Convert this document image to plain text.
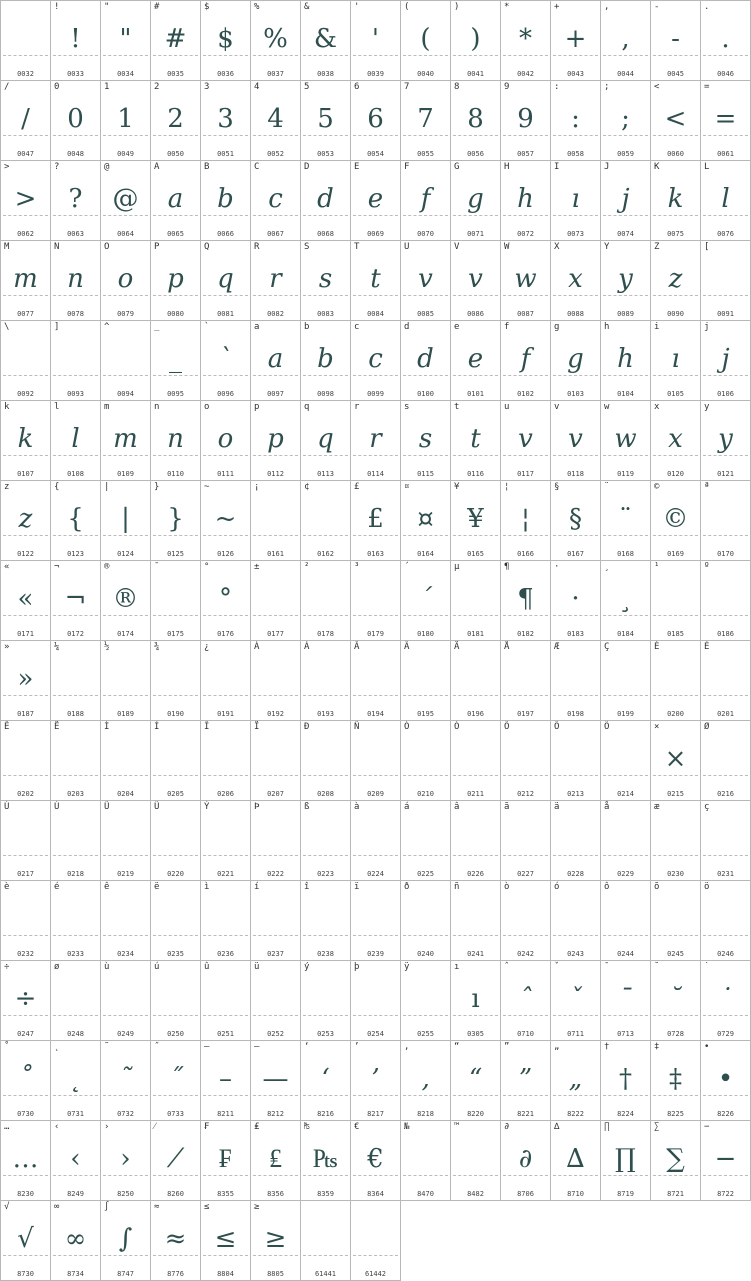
0032
!
!
0033
"
"
0034
#
#
0035
$
$
0036
%
%
0037
&
&
0038
'
'
0039
(
(
0040
)
)
0041
*
*
0042
+
+
0043
,
,
0044
-
-
0045
.
.
0046
/
/
0047
0
0
0048
1
1
0049
2
2
0050
3
3
0051
4
4
0052
5
5
0053
6
6
0054
7
7
0055
8
8
0056
9
9
0057
:
:
0058
;
;
0059
<
<
0060
=
=
0061
>
>
0062
?
?
0063
@
@
0064
A
a
0065
B
b
0066
C
c
0067
D
d
0068
E
e
0069
F
f
0070
G
g
0071
H
h
0072
I
ı
0073
J
j
0074
K
k
0075
L
l
0076
M
m
0077
N
n
0078
O
o
0079
P
p
0080
Q
q
0081
R
r
0082
S
s
0083
T
t
0084
U
v
0085
V
v
0086
W
w
0087
X
x
0088
Y
y
0089
Z
z
0090
[
0091
\
0092
]
0093
^
0094
_
_
0095
`
`
0096
a
a
0097
b
b
0098
c
c
0099
d
d
0100
e
e
0101
f
f
0102
g
g
0103
h
h
0104
i
ı
0105
j
j
0106
k
k
0107
l
l
0108
m
m
0109
n
n
0110
o
o
0111
p
p
0112
q
q
0113
r
r
0114
s
s
0115
t
t
0116
u
v
0117
v
v
0118
w
w
0119
x
x
0120
y
y
0121
z
z
0122
{
{
0123
|
|
0124
}
}
0125
~
~
0126
¡
0161
¢
0162
£
£
0163
¤
¤
0164
¥
¥
0165
¦
¦
0166
§
§
0167
¨
¨
0168
©
©
0169
ª
0170
«
«
0171
¬
¬
0172
®
®
0174
¯
0175
°
°
0176
±
0177
²
0178
³
0179
´
´
0180
µ
0181
¶
¶
0182
·
·
0183
¸
¸
0184
¹
0185
º
0186
»
»
0187
¼
0188
½
0189
¾
0190
¿
0191
À
0192
Á
0193
Â
0194
Ã
0195
Ä
0196
Å
0197
Æ
0198
Ç
0199
È
0200
É
0201
Ê
0202
Ë
0203
Ì
0204
Í
0205
Î
0206
Ï
0207
Ð
0208
Ñ
0209
Ò
0210
Ó
0211
Ô
0212
Õ
0213
Ö
0214
×
×
0215
Ø
0216
Ù
0217
Ú
0218
Û
0219
Ü
0220
Ý
0221
Þ
0222
ß
0223
à
0224
á
0225
â
0226
ã
0227
ä
0228
å
0229
æ
0230
ç
0231
è
0232
é
0233
ê
0234
ë
0235
ì
0236
í
0237
î
0238
ï
0239
ð
0240
ñ
0241
ò
0242
ó
0243
ô
0244
õ
0245
ö
0246
÷
÷
0247
ø
0248
ù
0249
ú
0250
û
0251
ü
0252
ý
0253
þ
0254
ÿ
0255
ı
ı
0305
ˆ
ˆ
0710
ˇ
ˇ
0711
ˉ
ˉ
0713
˘
˘
0728
˙
˙
0729
˚
˚
0730
˛
˛
0731
˜
˜
0732
˝
˝
0733
–
–
8211
—
—
8212
‘
‘
8216
’
’
8217
‚
‚
8218
“
“
8220
”
”
8221
„
„
8222
†
†
8224
‡
‡
8225
•
•
8226
…
…
8230
‹
‹
8249
›
›
8250
⁄
⁄
8260
₣
₣
8355
₤
₤
8356
₧
₧
8359
€
€
8364
№
8470
™
8482
∂
∂
8706
∆
∆
8710
∏
∏
8719
∑
∑
8721
−
−
8722
√
√
8730
∞
∞
8734
∫
∫
8747
≈
≈
8776
≤
≤
8804
≥
≥
8805	61441	61442
